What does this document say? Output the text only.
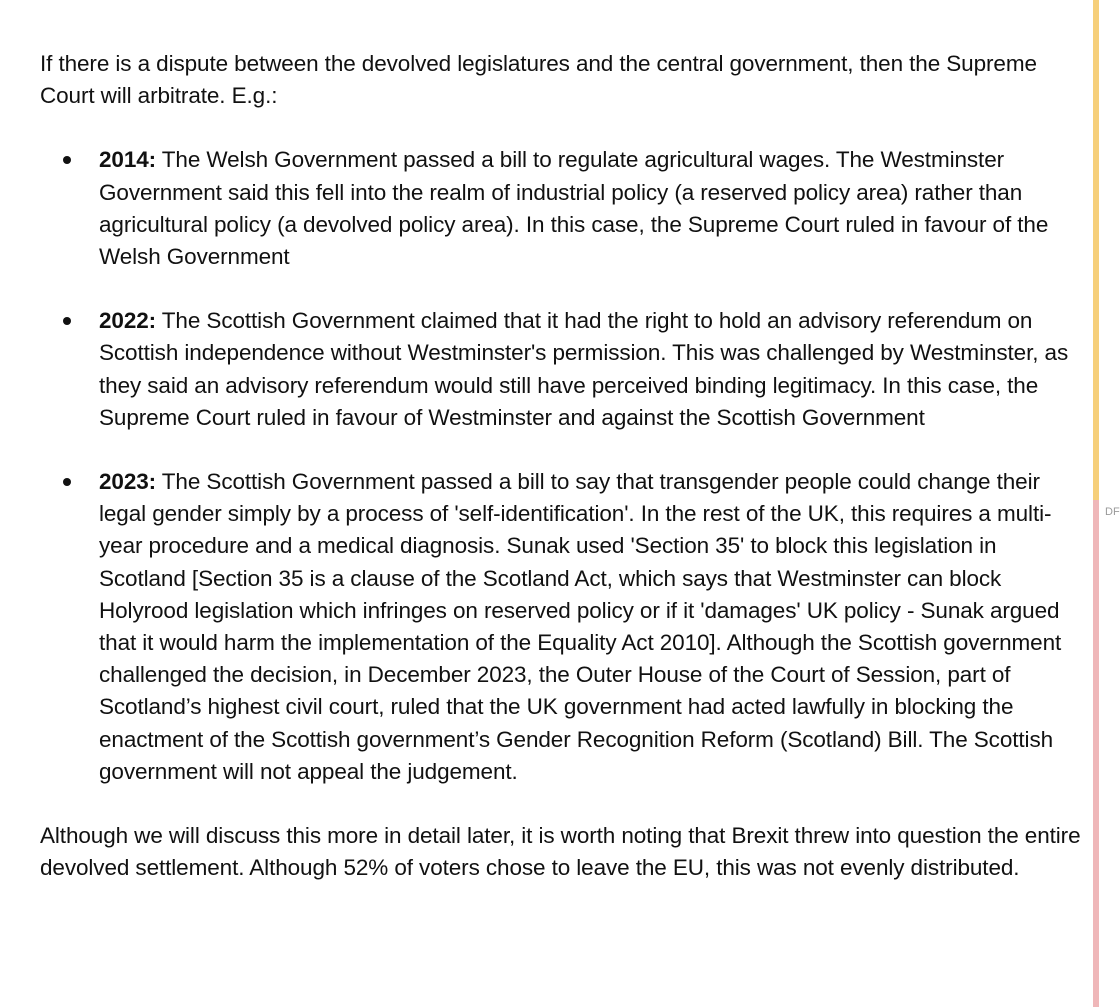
If there is a dispute between the devolved legislatures and the central government, then the Supreme Court will arbitrate. E.g.:

2014: The Welsh Government passed a bill to regulate agricultural wages. The Westminster Government said this fell into the realm of industrial policy (a reserved policy area) rather than agricultural policy (a devolved policy area). In this case, the Supreme Court ruled in favour of the Welsh Government
2022: The Scottish Government claimed that it had the right to hold an advisory referendum on Scottish independence without Westminster's permission. This was challenged by Westminster, as they said an advisory referendum would still have perceived binding legitimacy. In this case, the Supreme Court ruled in favour of Westminster and against the Scottish Government
2023: The Scottish Government passed a bill to say that transgender people could change their legal gender simply by a process of 'self-identification'. In the rest of the UK, this requires a multi-year procedure and a medical diagnosis. Sunak used 'Section 35' to block this legislation in Scotland [Section 35 is a clause of the Scotland Act, which says that Westminster can block Holyrood legislation which infringes on reserved policy or if it 'damages' UK policy - Sunak argued that it would harm the implementation of the Equality Act 2010]. Although the Scottish government challenged the decision, in December 2023, the Outer House of the Court of Session, part of Scotland’s highest civil court, ruled that the UK government had acted lawfully in blocking the enactment of the Scottish government’s Gender Recognition Reform (Scotland) Bill. The Scottish government will not appeal the judgement.

Although we will discuss this more in detail later, it is worth noting that Brexit threw into question the entire devolved settlement. Although 52% of voters chose to leave the EU, this was not evenly distributed.

DF
